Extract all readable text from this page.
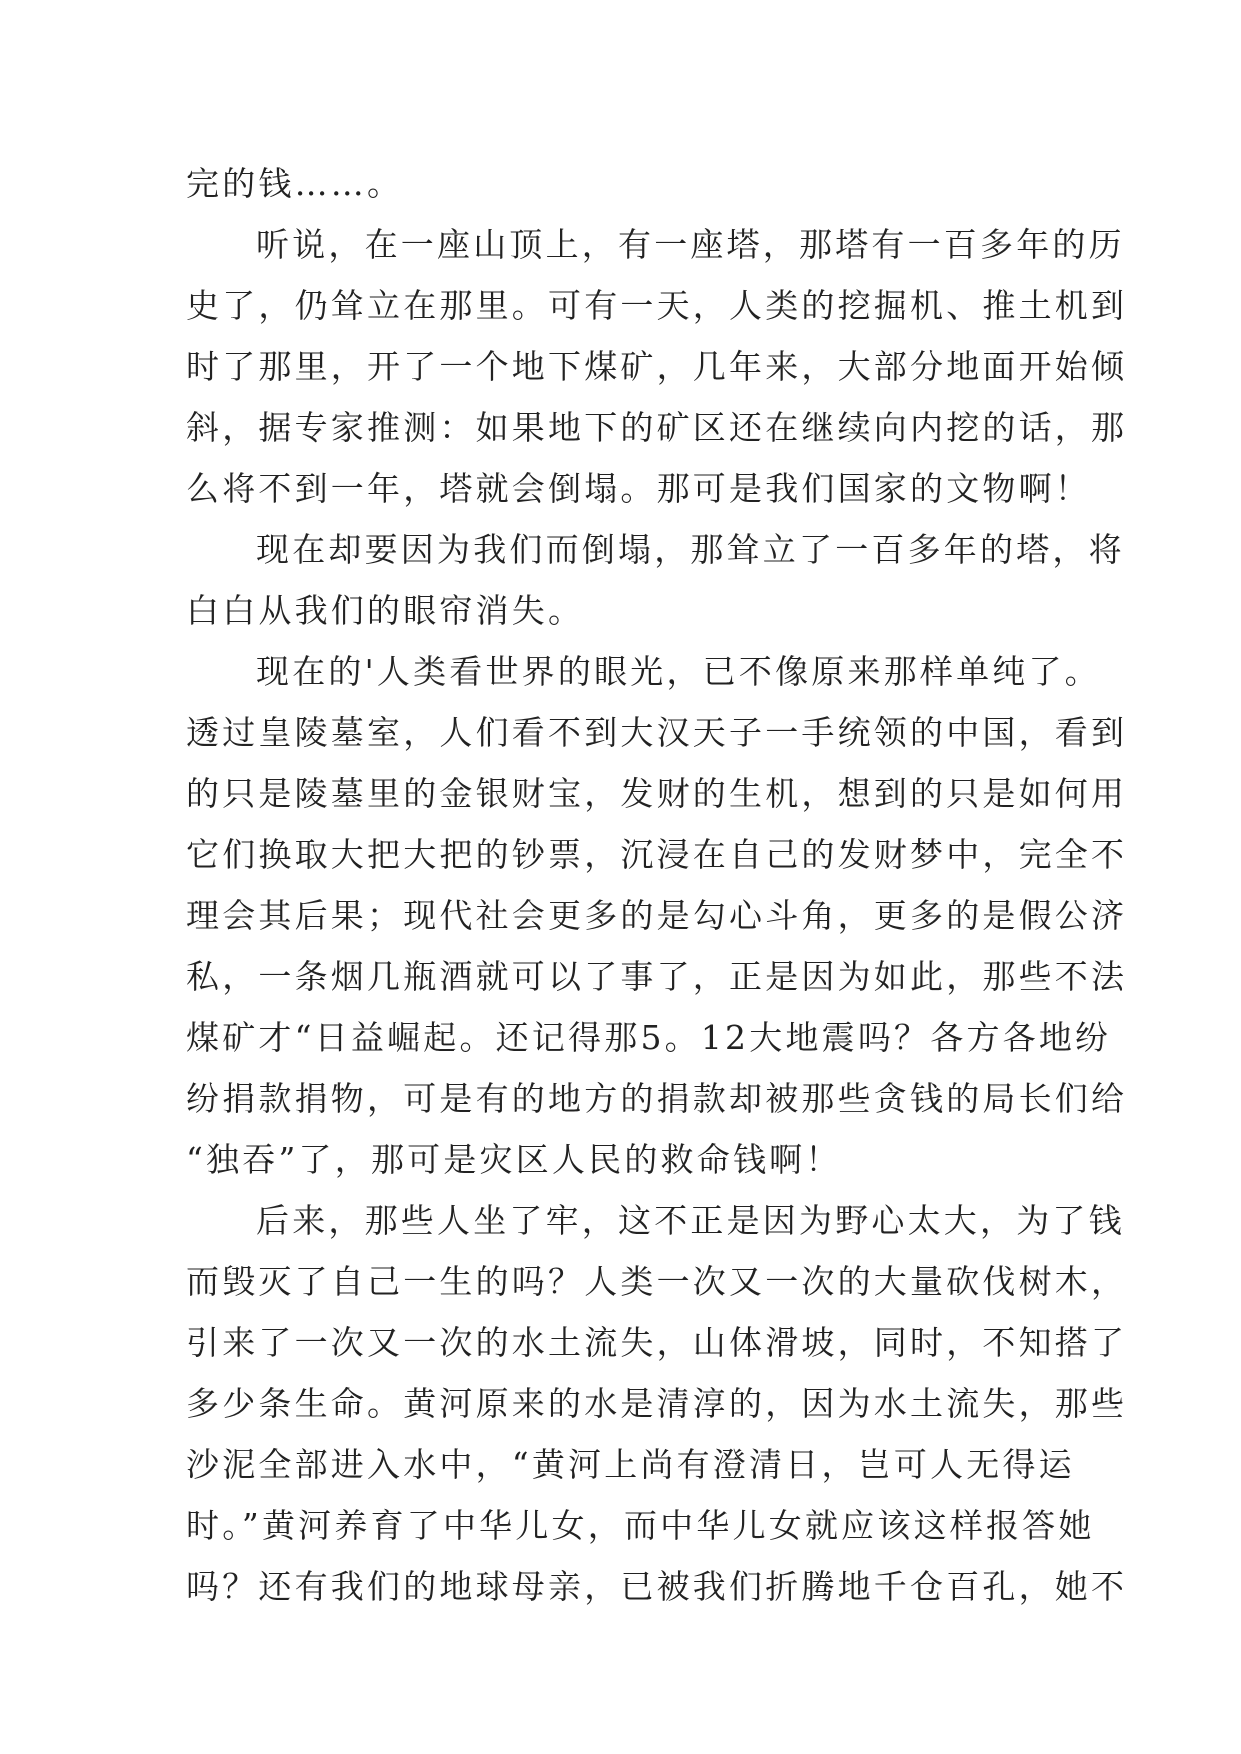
完的钱……。
听说，在一座山顶上，有一座塔，那塔有一百多年的历
史了，仍耸立在那里。可有一天，人类的挖掘机、推土机到
时了那里，开了一个地下煤矿，几年来，大部分地面开始倾
斜，据专家推测：如果地下的矿区还在继续向内挖的话，那
么将不到一年，塔就会倒塌。那可是我们国家的文物啊！
现在却要因为我们而倒塌，那耸立了一百多年的塔，将
白白从我们的眼帘消失。
现在的'人类看世界的眼光，已不像原来那样单纯了。
透过皇陵墓室，人们看不到大汉天子一手统领的中国，看到
的只是陵墓里的金银财宝，发财的生机，想到的只是如何用
它们换取大把大把的钞票，沉浸在自己的发财梦中，完全不
理会其后果；现代社会更多的是勾心斗角，更多的是假公济
私，一条烟几瓶酒就可以了事了，正是因为如此，那些不法
煤矿才“日益崛起。还记得那5。12大地震吗？各方各地纷
纷捐款捐物，可是有的地方的捐款却被那些贪钱的局长们给
“独吞”了，那可是灾区人民的救命钱啊！
后来，那些人坐了牢，这不正是因为野心太大，为了钱
而毁灭了自己一生的吗？人类一次又一次的大量砍伐树木，
引来了一次又一次的水土流失，山体滑坡，同时，不知搭了
多少条生命。黄河原来的水是清淳的，因为水土流失，那些
沙泥全部进入水中，“黄河上尚有澄清日，岂可人无得运
时。”黄河养育了中华儿女，而中华儿女就应该这样报答她
吗？还有我们的地球母亲，已被我们折腾地千仓百孔，她不
